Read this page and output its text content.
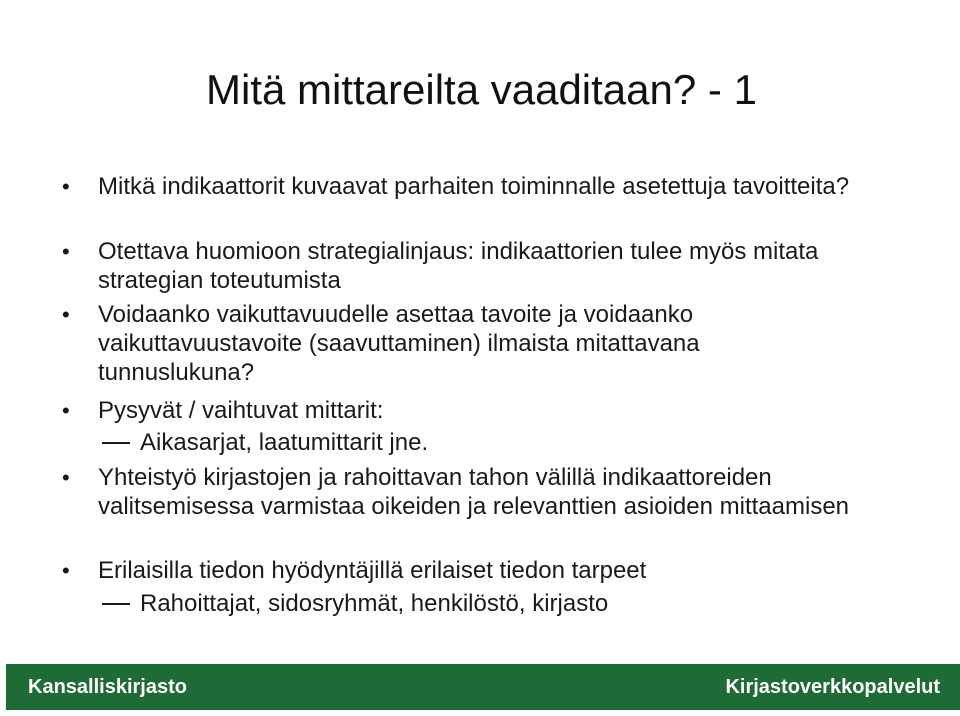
Mitä mittareilta vaaditaan? - 1
• Mitkä indikaattorit kuvaavat parhaiten toiminnalle asetettuja tavoitteita?
• Otettava huomioon strategialinjaus: indikaattorien tulee myös mitata strategian toteutumista
• Voidaanko vaikuttavuudelle asettaa tavoite ja voidaanko vaikuttavuustavoite (saavuttaminen) ilmaista mitattavana tunnuslukuna?
• Pysyvät / vaihtuvat mittarit:
Aikasarjat, laatumittarit jne.
• Yhteistyö kirjastojen ja rahoittavan tahon välillä indikaattoreiden valitsemisessa varmistaa oikeiden ja relevanttien asioiden mittaamisen
• Erilaisilla tiedon hyödyntäjillä erilaiset tiedon tarpeet
Rahoittajat, sidosryhmät, henkilöstö, kirjasto
Kansalliskirjasto	Kirjastoverkkopalvelut
